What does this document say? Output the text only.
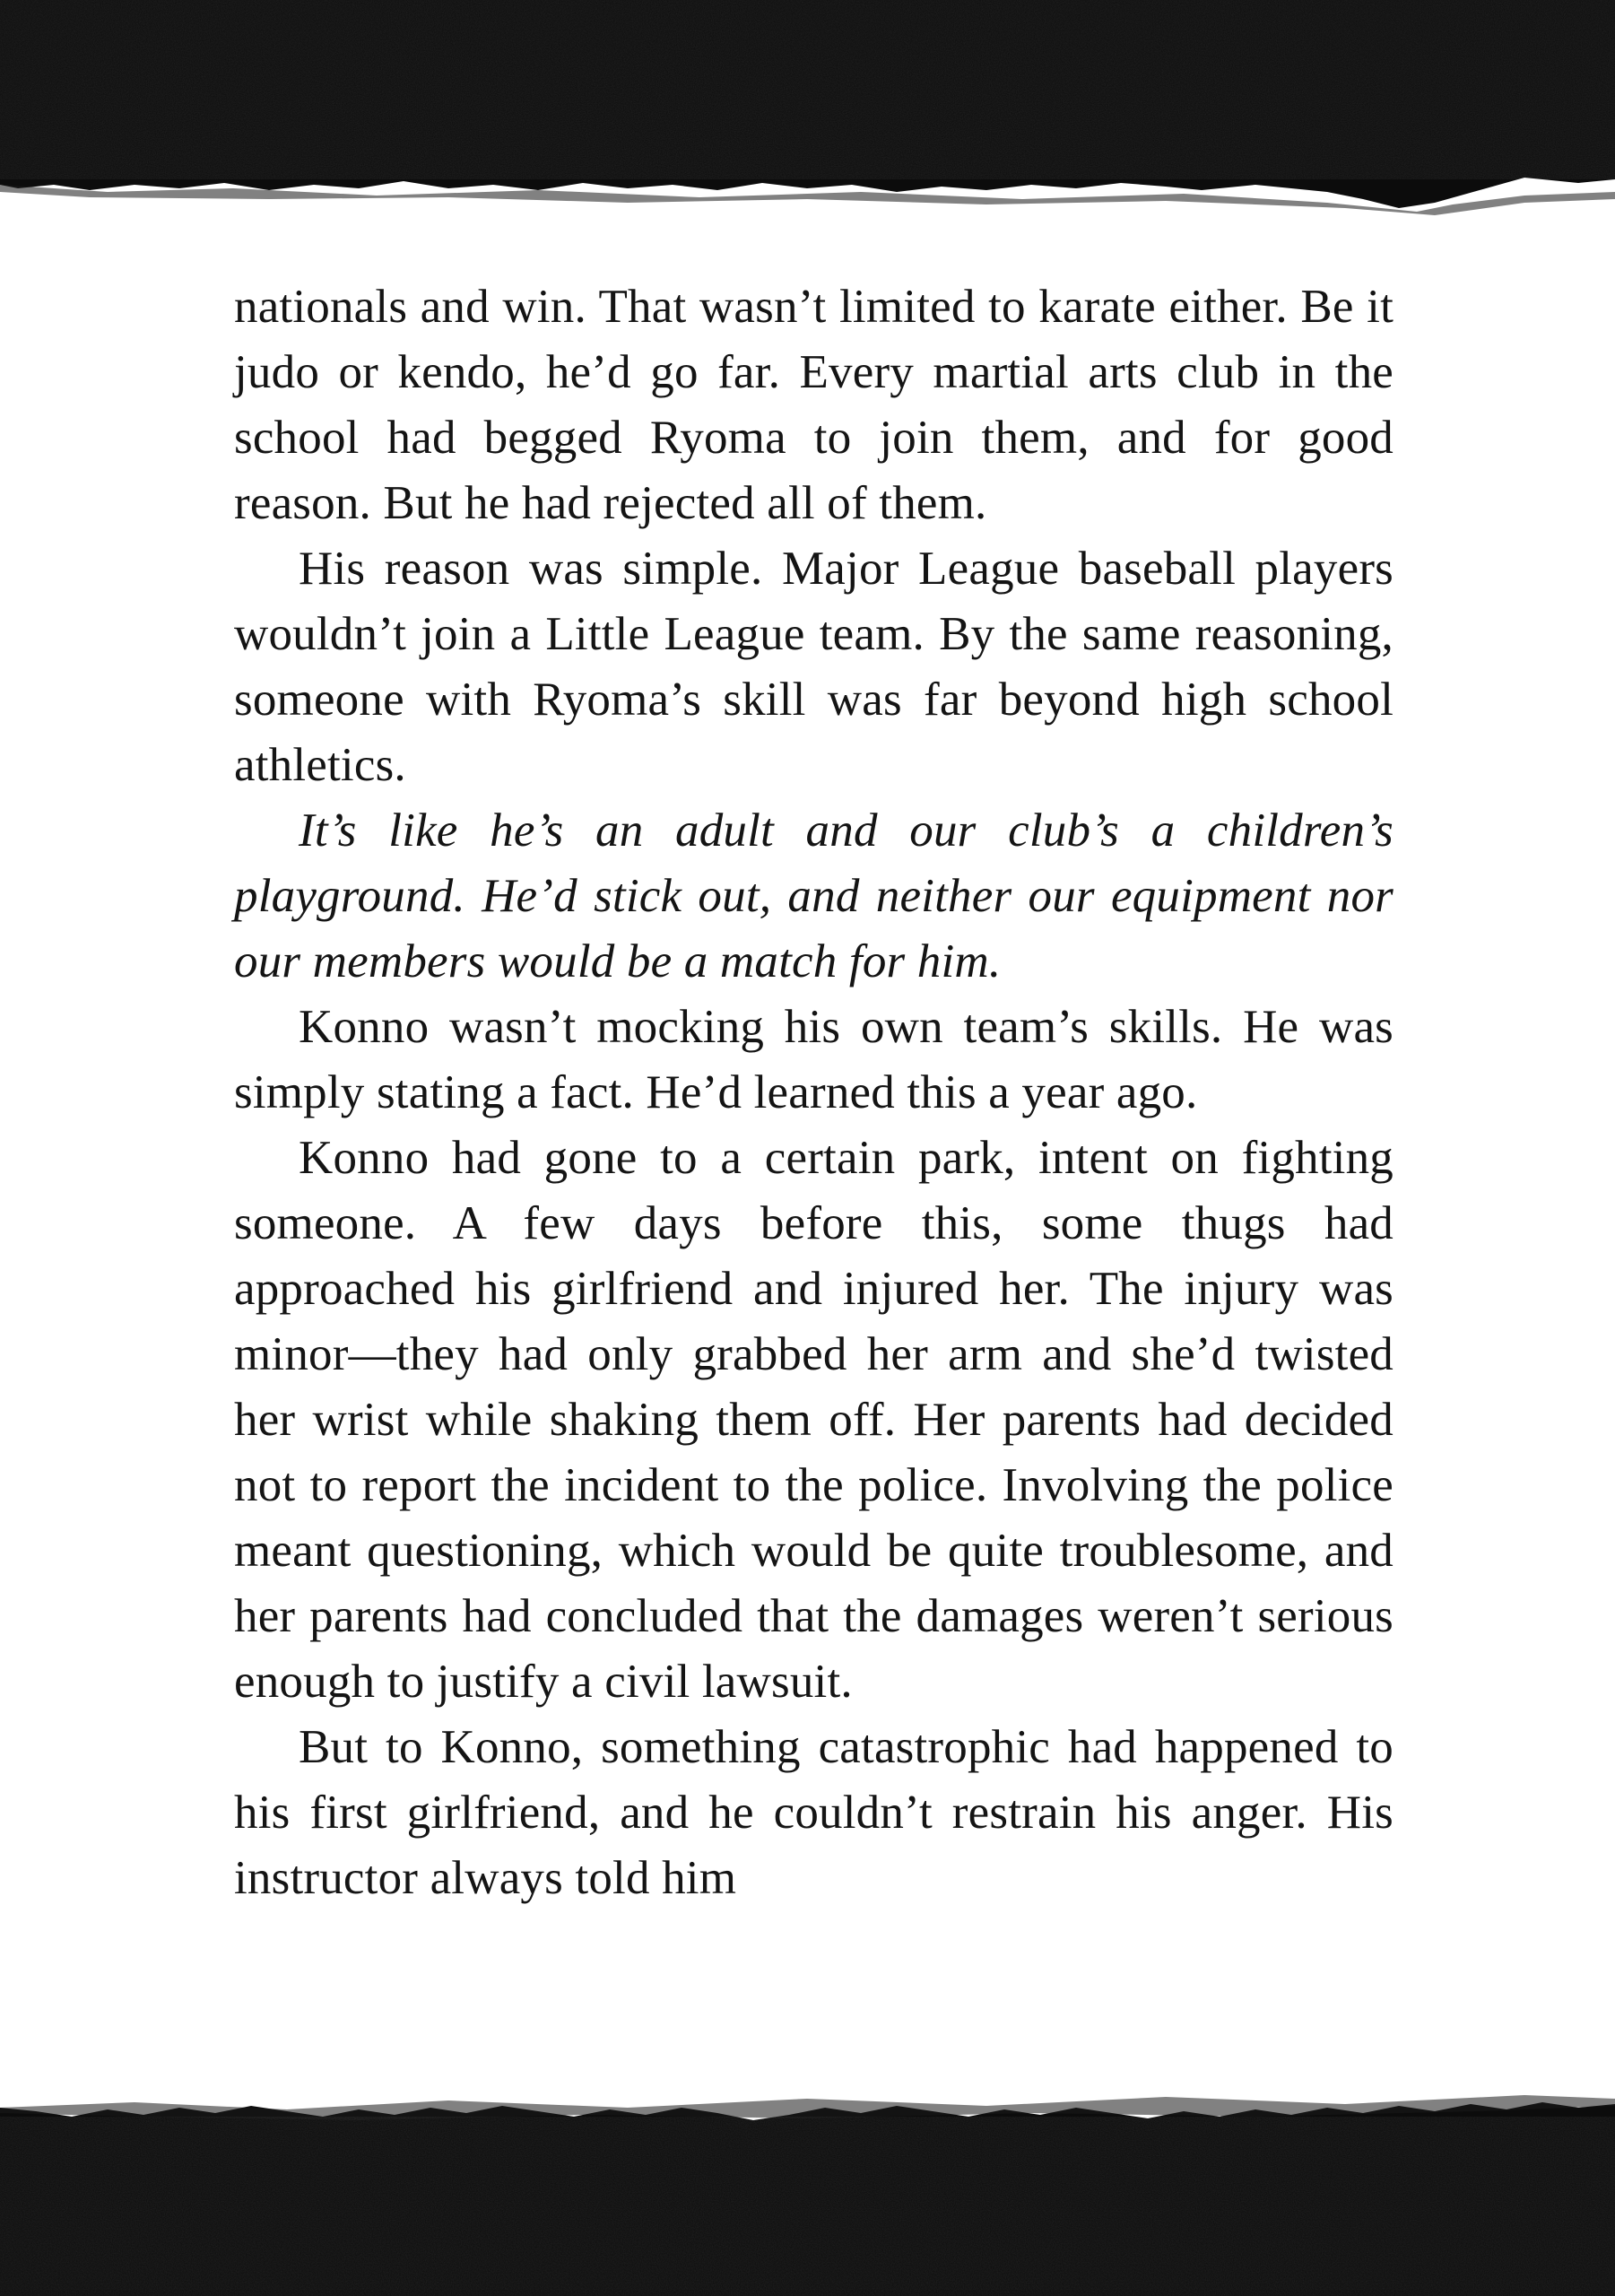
nationals and win. That wasn’t limited to karate either. Be it judo or kendo, he’d go far. Every martial arts club in the school had begged Ryoma to join them, and for good reason. But he had rejected all of them.

His reason was simple. Major League baseball players wouldn’t join a Little League team. By the same reasoning, someone with Ryoma’s skill was far beyond high school athletics.

It’s like he’s an adult and our club’s a children’s playground. He’d stick out, and neither our equipment nor our members would be a match for him.

Konno wasn’t mocking his own team’s skills. He was simply stating a fact. He’d learned this a year ago.

Konno had gone to a certain park, intent on fighting someone. A few days before this, some thugs had approached his girlfriend and injured her. The injury was minor—they had only grabbed her arm and she’d twisted her wrist while shaking them off. Her parents had decided not to report the incident to the police. Involving the police meant questioning, which would be quite troublesome, and her parents had concluded that the damages weren’t serious enough to justify a civil lawsuit.

But to Konno, something catastrophic had happened to his first girlfriend, and he couldn’t restrain his anger. His instructor always told him
